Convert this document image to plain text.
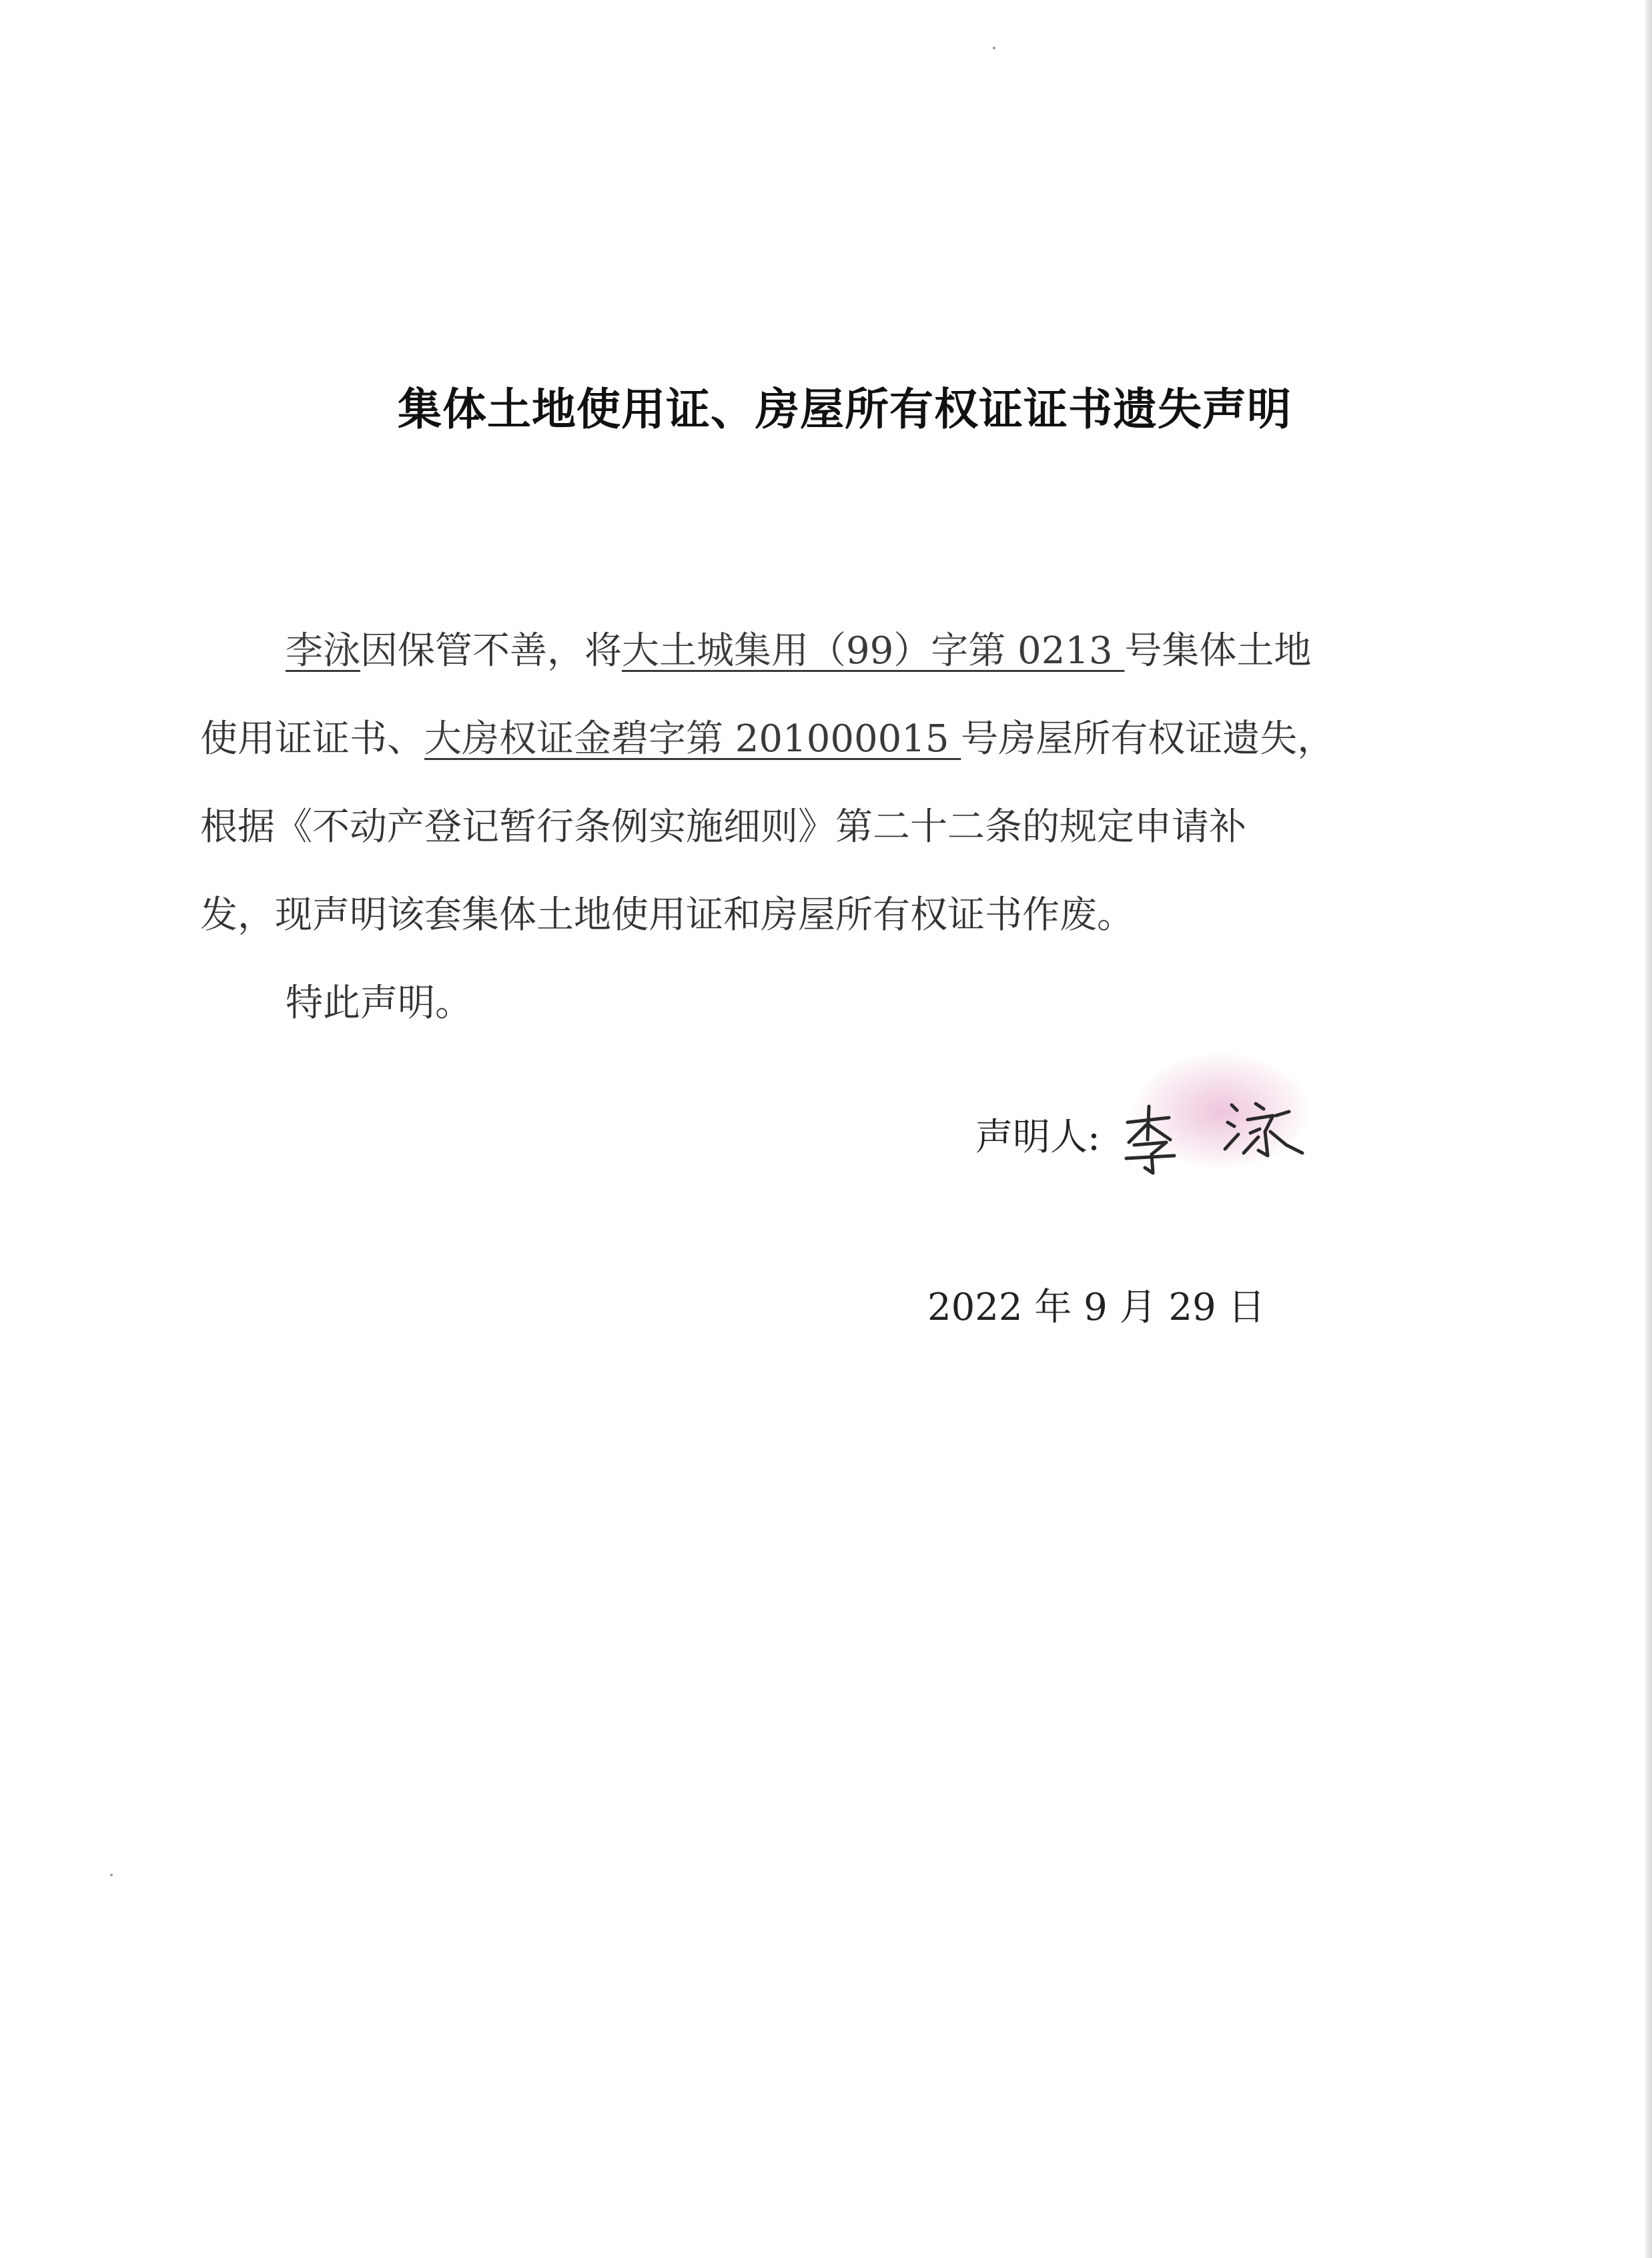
集体土地使用证、房屋所有权证证书遗失声明
李泳因保管不善，将大土城集用（99）字第 0213 号集体土地
使用证证书、大房权证金碧字第 201000015 号房屋所有权证遗失，
根据《不动产登记暂行条例实施细则》第二十二条的规定申请补
发，现声明该套集体土地使用证和房屋所有权证书作废。
特此声明。
声明人:
2022 年 9 月 29 日
